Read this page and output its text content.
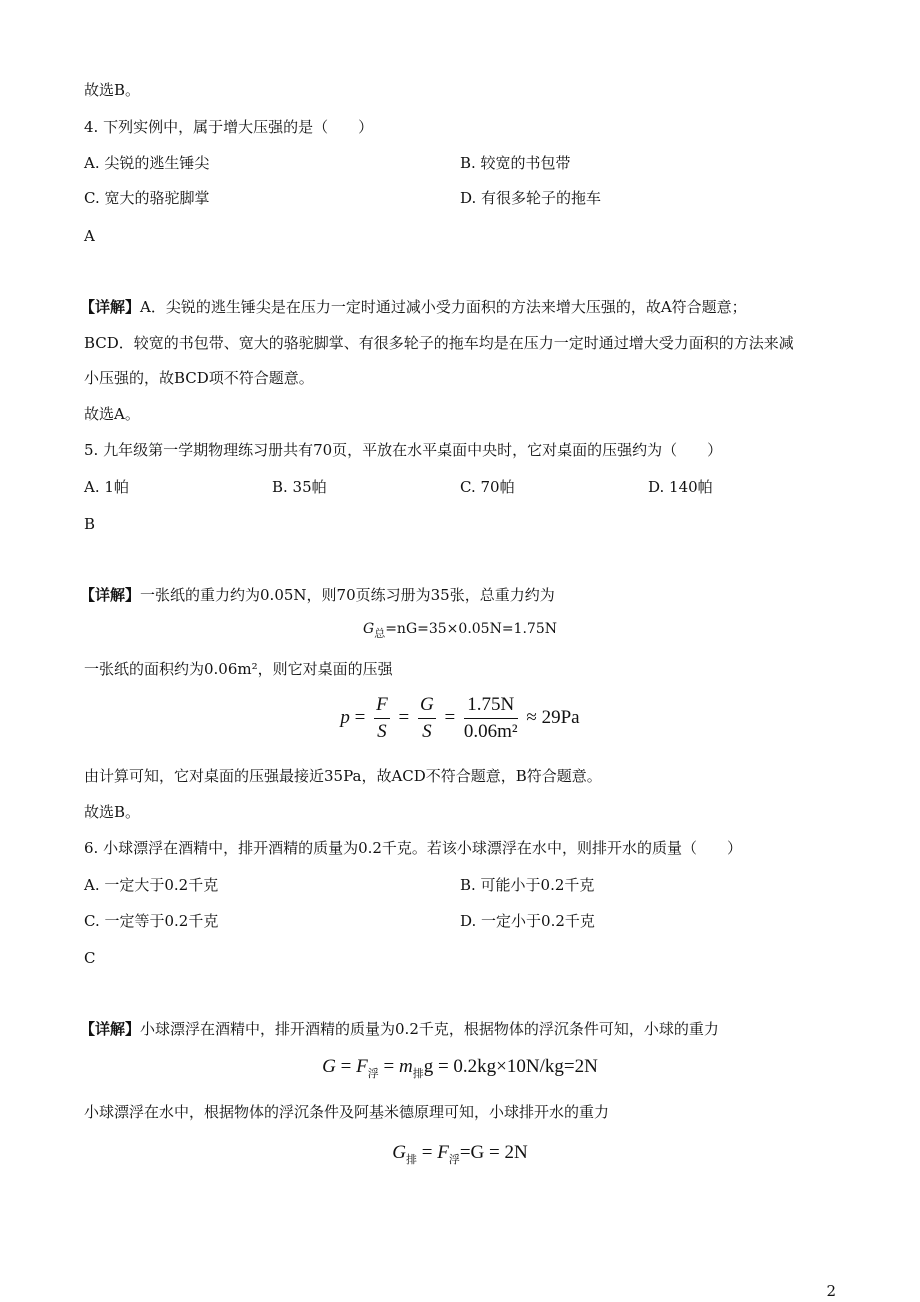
故选B。
4. 下列实例中，属于增大压强的是（　　）
A. 尖锐的逃生锤尖	B. 较宽的书包带
C. 宽大的骆驼脚掌	D. 有很多轮子的拖车
A
【详解】A．尖锐的逃生锤尖是在压力一定时通过减小受力面积的方法来增大压强的，故A符合题意；
BCD．较宽的书包带、宽大的骆驼脚掌、有很多轮子的拖车均是在压力一定时通过增大受力面积的方法来减
小压强的，故BCD项不符合题意。
故选A。
5. 九年级第一学期物理练习册共有70页，平放在水平桌面中央时，它对桌面的压强约为（　　）
A. 1帕	B. 35帕	C. 70帕	D. 140帕
B
【详解】一张纸的重力约为0.05N，则70页练习册为35张，总重力约为
$G_总=nG=35\times 0.05N=1.75N$
一张纸的面积约为0.06m²，则它对桌面的压强
$p = \frac{F}{S} = \frac{G}{S} = \frac{1.75N}{\text{0.06m²}} \approx 29Pa$
由计算可知，它对桌面的压强最接近35Pa，故ACD不符合题意，B符合题意。
故选B。
6. 小球漂浮在酒精中，排开酒精的质量为0.2千克。若该小球漂浮在水中，则排开水的质量（　　）
A. 一定大于0.2千克	B. 可能小于0.2千克
C. 一定等于0.2千克	D. 一定小于0.2千克
C
【详解】小球漂浮在酒精中，排开酒精的质量为0.2千克，根据物体的浮沉条件可知，小球的重力
$G = F_浮 = m_排g = 0.2kg\times 10N/kg=2N$
小球漂浮在水中，根据物体的浮沉条件及阿基米德原理可知，小球排开水的重力
$G_排 = F_浮=G = 2N$
2
